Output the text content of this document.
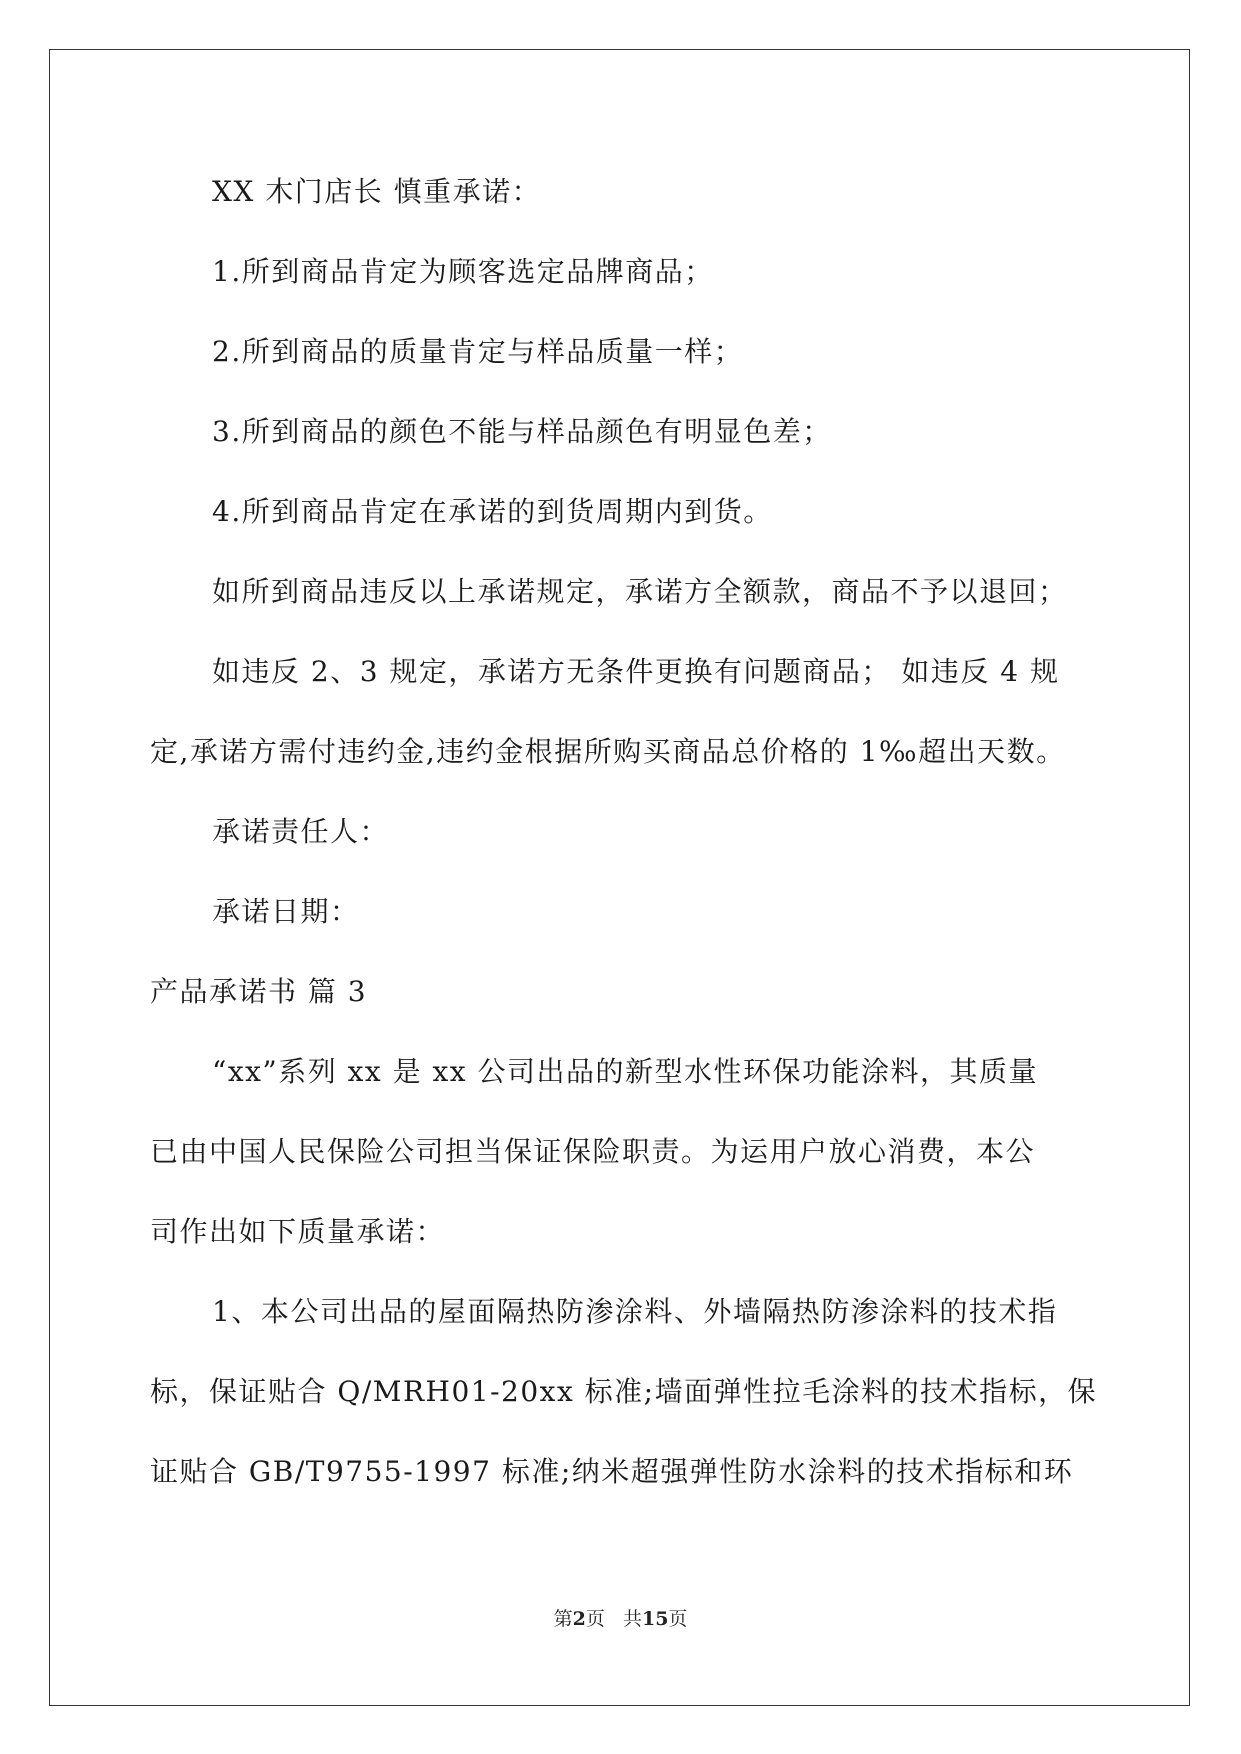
XX 木门店长 慎重承诺：
1.所到商品肯定为顾客选定品牌商品；
2.所到商品的质量肯定与样品质量一样；
3.所到商品的颜色不能与样品颜色有明显色差；
4.所到商品肯定在承诺的到货周期内到货。
如所到商品违反以上承诺规定，承诺方全额款，商品不予以退回；
如违反 2、3 规定，承诺方无条件更换有问题商品； 如违反 4 规
定,承诺方需付违约金,违约金根据所购买商品总价格的 1‰超出天数。
承诺责任人：
承诺日期：
产品承诺书 篇 3
“xx”系列 xx 是 xx 公司出品的新型水性环保功能涂料，其质量
已由中国人民保险公司担当保证保险职责。为运用户放心消费，本公
司作出如下质量承诺：
1、本公司出品的屋面隔热防渗涂料、外墙隔热防渗涂料的技术指
标，保证贴合 Q/MRH01-20xx 标准;墙面弹性拉毛涂料的技术指标，保
证贴合 GB/T9755-1997 标准;纳米超强弹性防水涂料的技术指标和环
第2页 共15页
